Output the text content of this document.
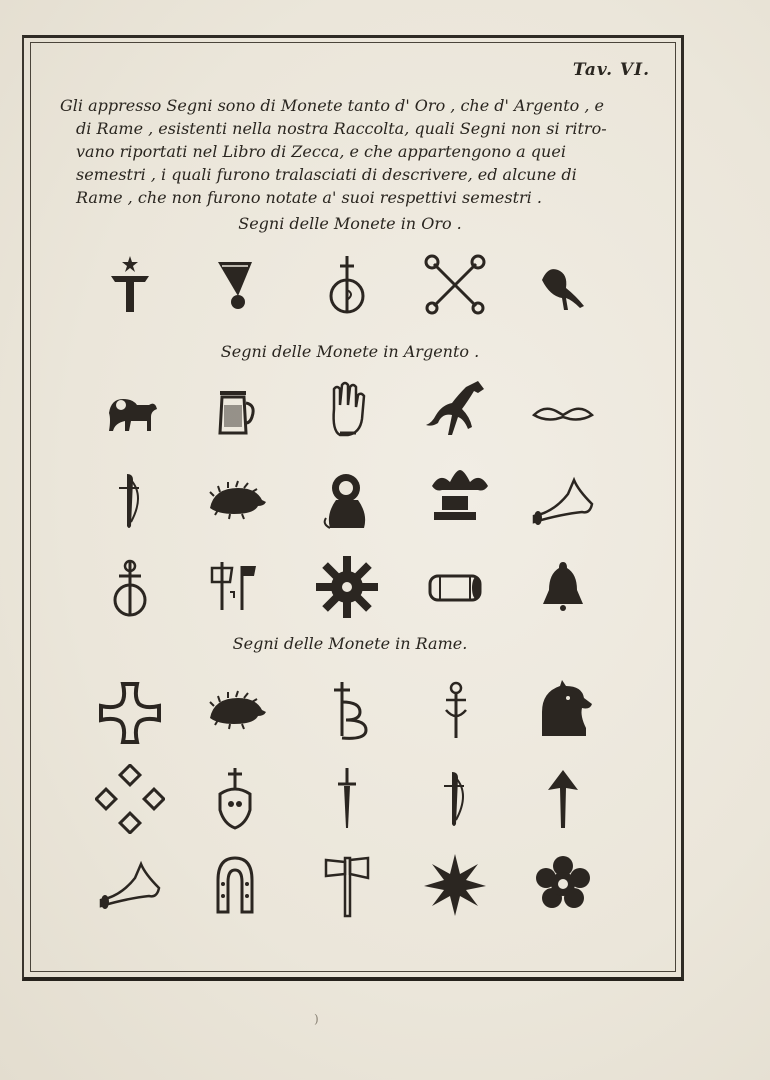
Tav. VI.
Gli appresso Segni sono di Monete tanto d' Oro , che d' Argento , e
di Rame , esistenti nella nostra Raccolta, quali Segni non si ritro-
vano riportati nel Libro di Zecca, e che appartengono a quei
semestri , i quali furono tralasciati di descrivere, ed alcune di
Rame , che non furono notate a' suoi respettivi semestri .
Segni delle Monete in Oro .
Segni delle Monete in Argento .
Segni delle Monete in Rame.
)
